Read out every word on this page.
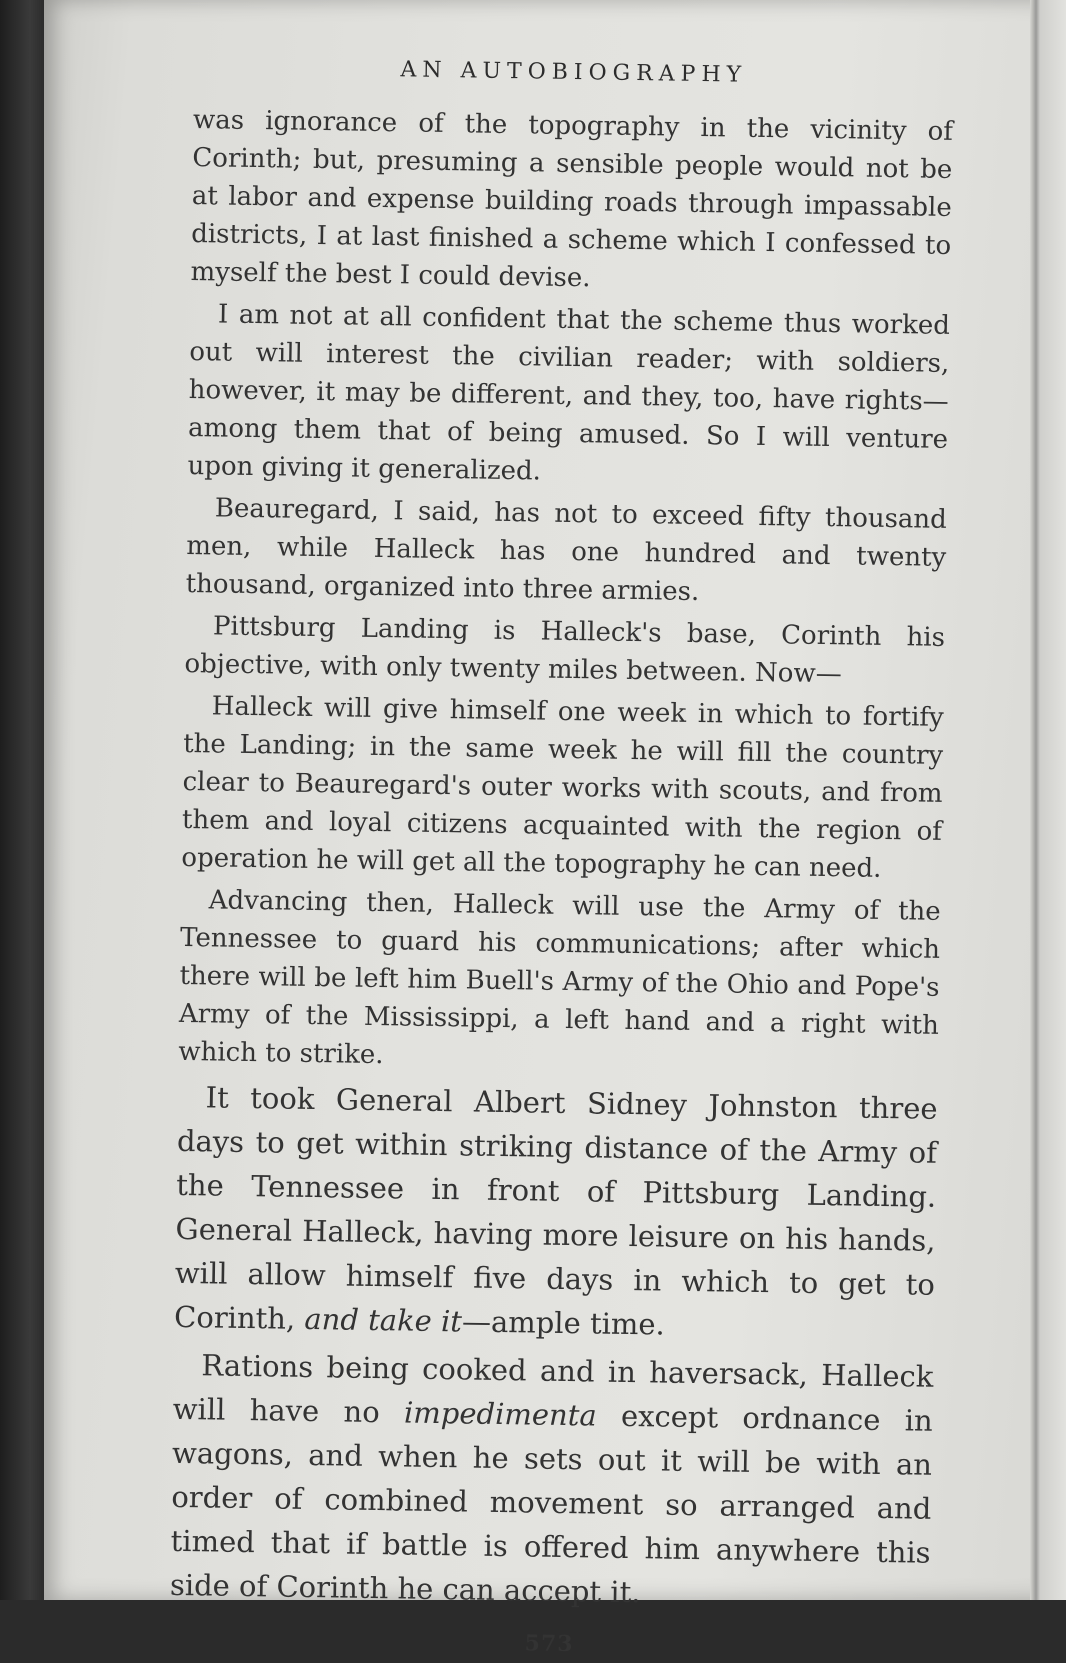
AN AUTOBIOGRAPHY

was ignorance of the topography in the vicinity of Corinth; but, presuming a sensible people would not be at labor and expense building roads through impassable districts, I at last finished a scheme which I confessed to myself the best I could devise.

I am not at all confident that the scheme thus worked out will interest the civilian reader; with soldiers, however, it may be different, and they, too, have rights—among them that of being amused. So I will venture upon giving it generalized.

Beauregard, I said, has not to exceed fifty thousand men, while Halleck has one hundred and twenty thousand, organized into three armies.

Pittsburg Landing is Halleck's base, Corinth his objective, with only twenty miles between. Now—

Halleck will give himself one week in which to fortify the Landing; in the same week he will fill the country clear to Beauregard's outer works with scouts, and from them and loyal citizens acquainted with the region of operation he will get all the topography he can need.

Advancing then, Halleck will use the Army of the Tennessee to guard his communications; after which there will be left him Buell's Army of the Ohio and Pope's Army of the Mississippi, a left hand and a right with which to strike.

It took General Albert Sidney Johnston three days to get within striking distance of the Army of the Tennessee in front of Pittsburg Landing. General Halleck, having more leisure on his hands, will allow himself five days in which to get to Corinth, and take it—ample time.

Rations being cooked and in haversack, Halleck will have no impedimenta except ordnance in wagons, and when he sets out it will be with an order of combined movement so arranged and timed that if battle is offered him anywhere this side of Corinth he can accept it.

573
